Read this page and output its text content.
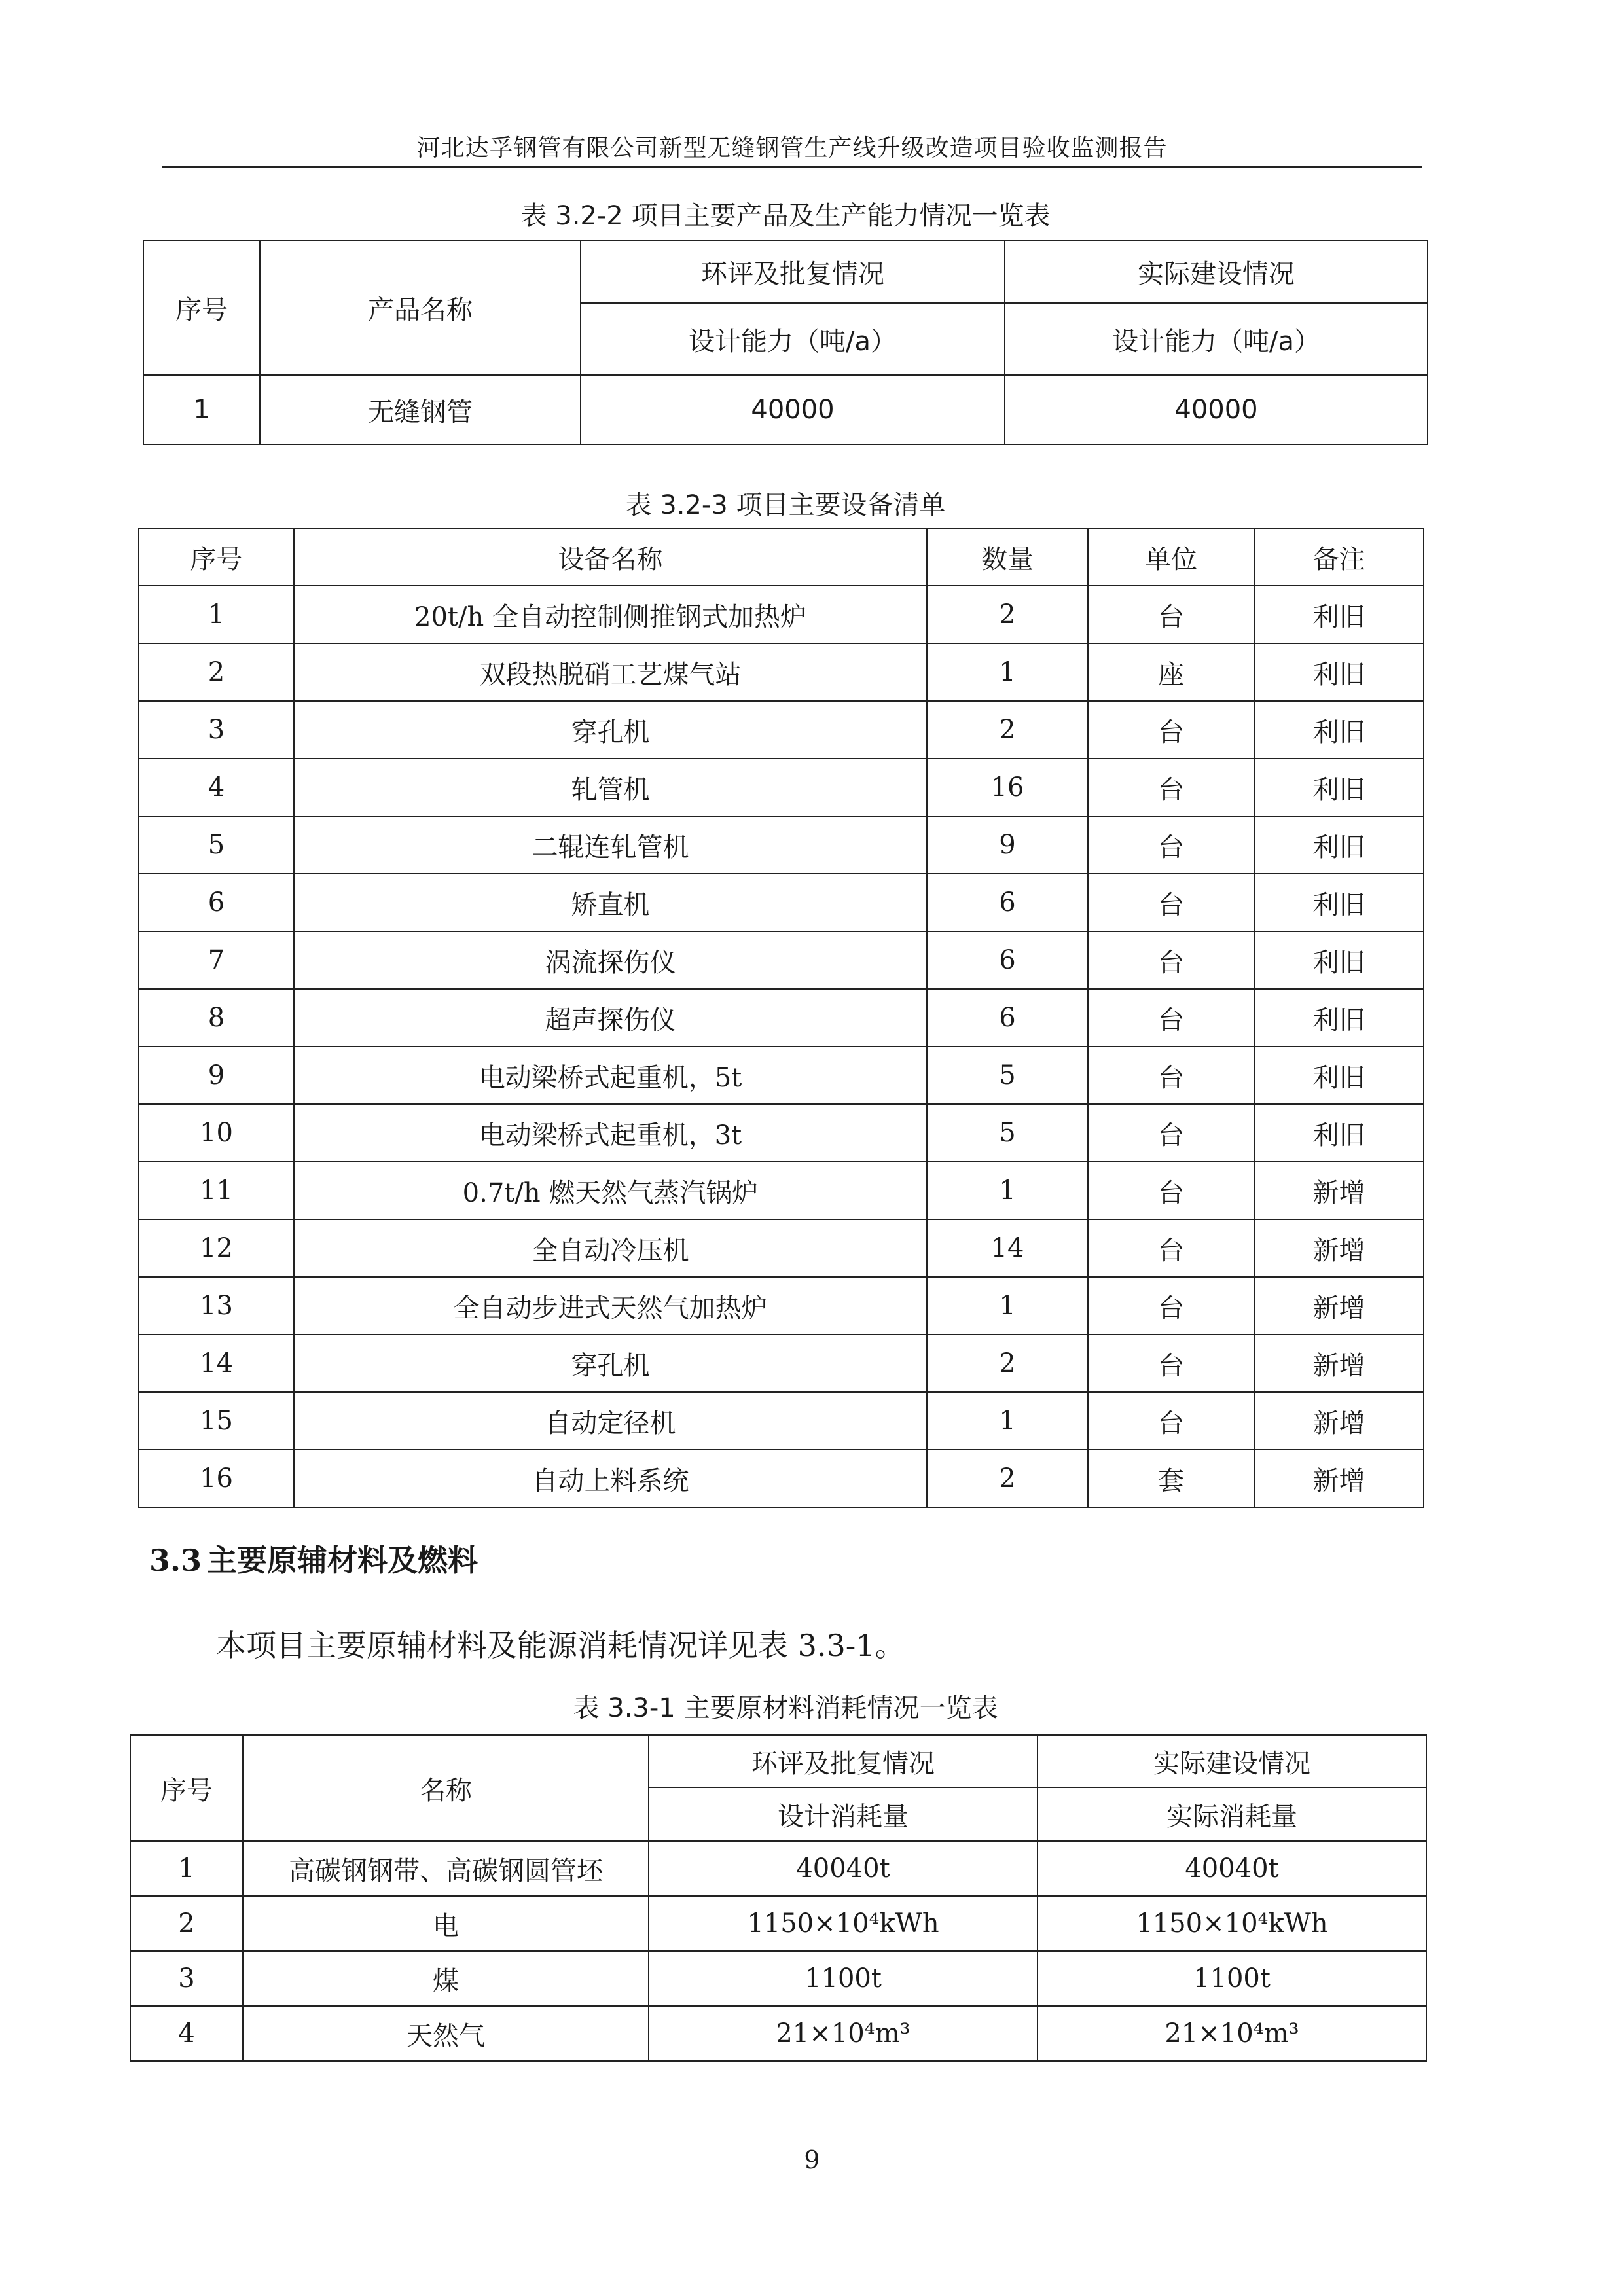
河北达孚钢管有限公司新型无缝钢管生产线升级改造项目验收监测报告
表 3.2-2 项目主要产品及生产能力情况一览表
序号	产品名称	环评及批复情况	实际建设情况
		设计能力（吨/a）	设计能力（吨/a）
1	无缝钢管	40000	40000
表 3.2-3 项目主要设备清单
序号	设备名称	数量	单位	备注
1	20t/h 全自动控制侧推钢式加热炉	2	台	利旧
2	双段热脱硝工艺煤气站	1	座	利旧
3	穿孔机	2	台	利旧
4	轧管机	16	台	利旧
5	二辊连轧管机	9	台	利旧
6	矫直机	6	台	利旧
7	涡流探伤仪	6	台	利旧
8	超声探伤仪	6	台	利旧
9	电动梁桥式起重机，5t	5	台	利旧
10	电动梁桥式起重机，3t	5	台	利旧
11	0.7t/h 燃天然气蒸汽锅炉	1	台	新增
12	全自动冷压机	14	台	新增
13	全自动步进式天然气加热炉	1	台	新增
14	穿孔机	2	台	新增
15	自动定径机	1	台	新增
16	自动上料系统	2	套	新增
3.3 主要原辅材料及燃料
本项目主要原辅材料及能源消耗情况详见表 3.3-1。
表 3.3-1 主要原材料消耗情况一览表
序号	名称	环评及批复情况	实际建设情况
		设计消耗量	实际消耗量
1	高碳钢钢带、高碳钢圆管坯	40040t	40040t
2	电	1150×10⁴kWh	1150×10⁴kWh
3	煤	1100t	1100t
4	天然气	21×10⁴m³	21×10⁴m³
9
